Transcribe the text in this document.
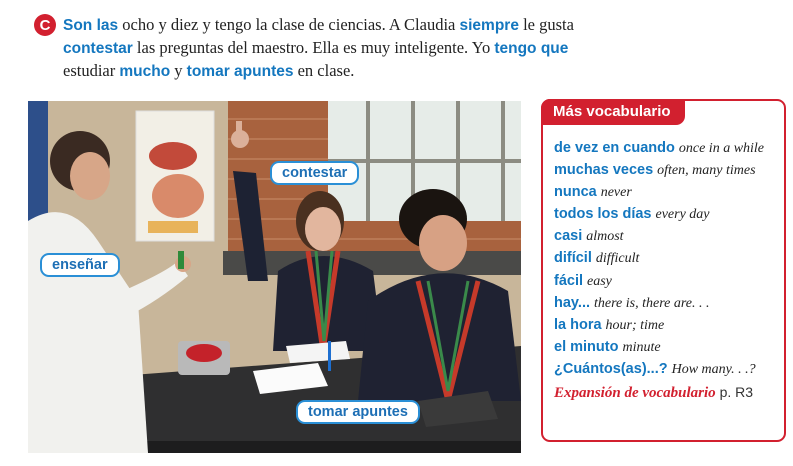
C Son las ocho y diez y tengo la clase de ciencias. A Claudia siempre le gusta contestar las preguntas del maestro. Ella es muy inteligente. Yo tengo que estudiar mucho y tomar apuntes en clase.
contestar
enseñar
tomar apuntes
Más vocabulario
de vez en cuando once in a while
muchas veces often, many times
nunca never
todos los días every day
casi almost
difícil difficult
fácil easy
hay... there is, there are. . .
la hora hour; time
el minuto minute
¿Cuántos(as)...? How many. . .?
Expansión de vocabulario p. R3
